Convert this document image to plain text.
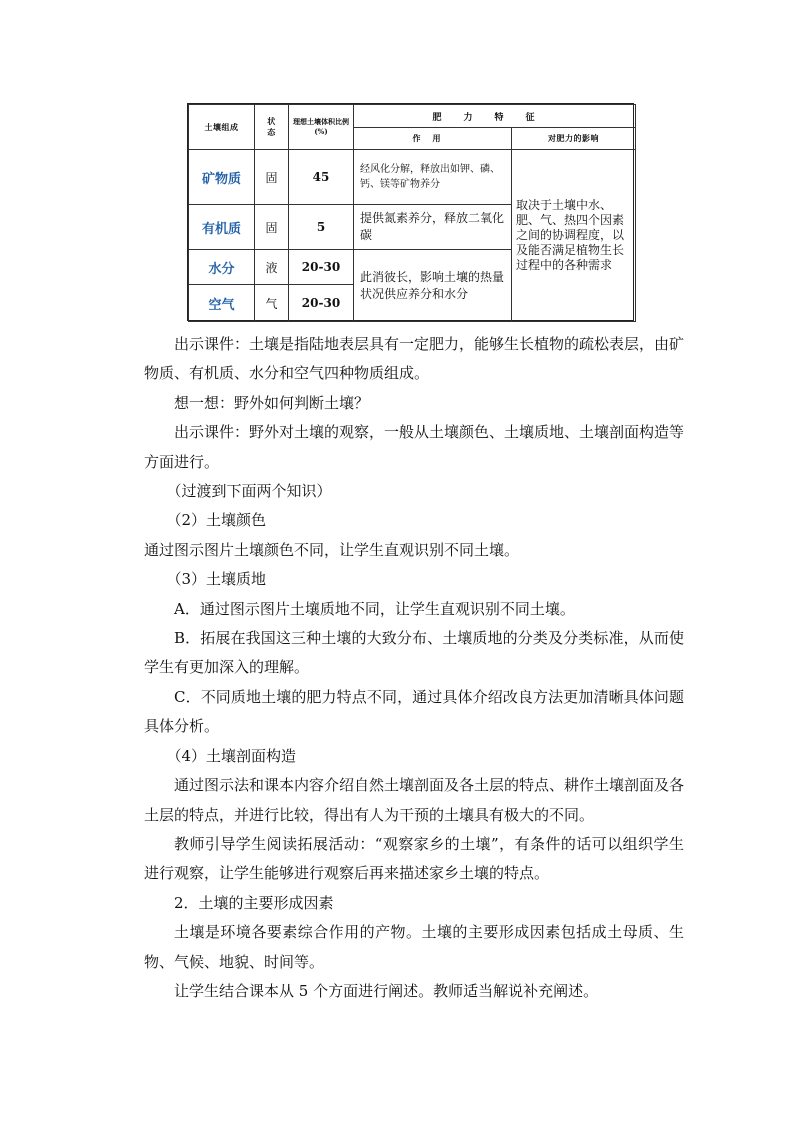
土壤组成	状态	理想土壤体积比例(%)	肥力特征	
			作用	对肥力的影响
矿物质	固	45	经风化分解，释放出如钾、磷、钙、镁等矿物养分	取决于土壤中水、肥、气、热四个因素之间的协调程度，以及能否满足植物生长过程中的各种需求
有机质	固	5	提供氮素养分，释放二氧化碳	
水分	液	20-30	此消彼长，影响土壤的热量状况供应养分和水分	
空气	气	20-30		

出示课件：土壤是指陆地表层具有一定肥力，能够生长植物的疏松表层，由矿物质、有机质、水分和空气四种物质组成。

想一想：野外如何判断土壤？

出示课件：野外对土壤的观察，一般从土壤颜色、土壤质地、土壤剖面构造等方面进行。

（过渡到下面两个知识）

（2）土壤颜色

通过图示图片土壤颜色不同，让学生直观识别不同土壤。

（3）土壤质地

A．通过图示图片土壤质地不同，让学生直观识别不同土壤。

B．拓展在我国这三种土壤的大致分布、土壤质地的分类及分类标准，从而使学生有更加深入的理解。

C．不同质地土壤的肥力特点不同，通过具体介绍改良方法更加清晰具体问题具体分析。

（4）土壤剖面构造

通过图示法和课本内容介绍自然土壤剖面及各土层的特点、耕作土壤剖面及各土层的特点，并进行比较，得出有人为干预的土壤具有极大的不同。

教师引导学生阅读拓展活动：“观察家乡的土壤”，有条件的话可以组织学生进行观察，让学生能够进行观察后再来描述家乡土壤的特点。

2．土壤的主要形成因素

土壤是环境各要素综合作用的产物。土壤的主要形成因素包括成土母质、生物、气候、地貌、时间等。

让学生结合课本从 5 个方面进行阐述。教师适当解说补充阐述。
